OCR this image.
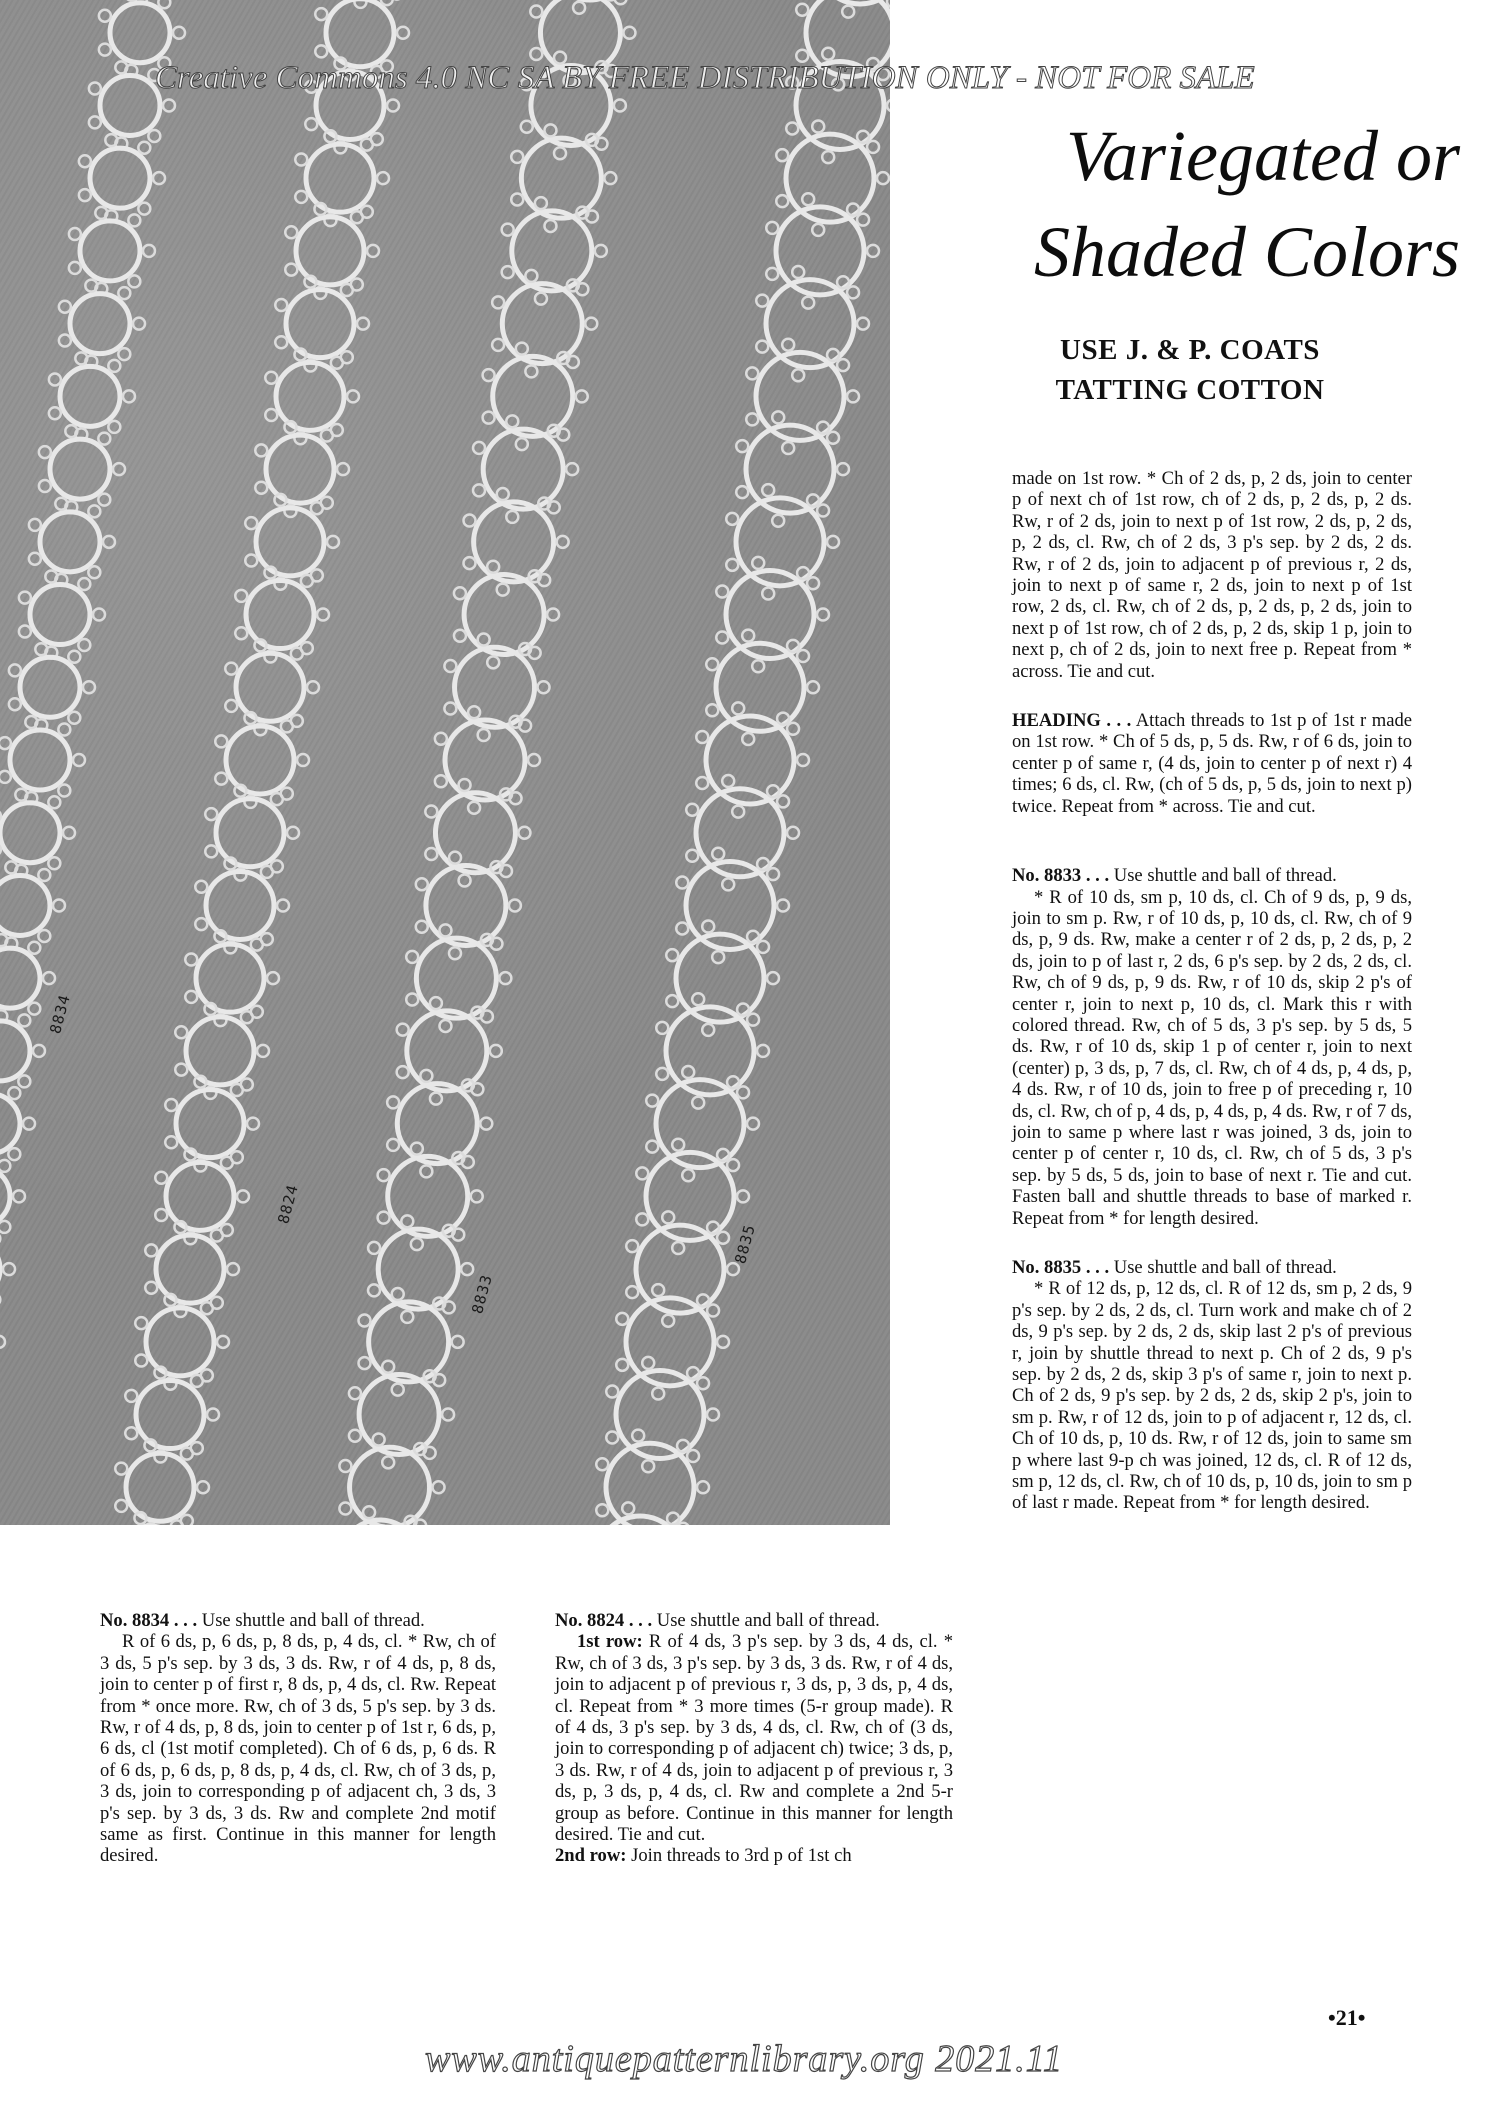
8834
8824
8833
8835
Creative Commons 4.0 NC SA BY FREE DISTRIBUTION ONLY - NOT FOR SALE
Variegated or
Shaded Colors
USE J. & P. COATS
TATTING COTTON

made on 1st row. * Ch of 2 ds, p, 2 ds, join to center p of next ch of 1st row, ch of 2 ds, p, 2 ds, p, 2 ds. Rw, r of 2 ds, join to next p of 1st row, 2 ds, p, 2 ds, p, 2 ds, cl. Rw, ch of 2 ds, 3 p's sep. by 2 ds, 2 ds. Rw, r of 2 ds, join to adjacent p of previous r, 2 ds, join to next p of same r, 2 ds, join to next p of 1st row, 2 ds, cl. Rw, ch of 2 ds, p, 2 ds, p, 2 ds, join to next p of 1st row, ch of 2 ds, p, 2 ds, skip 1 p, join to next p, ch of 2 ds, join to next free p. Repeat from * across. Tie and cut.

HEADING . . . Attach threads to 1st p of 1st r made on 1st row. * Ch of 5 ds, p, 5 ds. Rw, r of 6 ds, join to center p of same r, (4 ds, join to center p of next r) 4 times; 6 ds, cl. Rw, (ch of 5 ds, p, 5 ds, join to next p) twice. Repeat from * across. Tie and cut.

No. 8833 . . . Use shuttle and ball of thread.

* R of 10 ds, sm p, 10 ds, cl. Ch of 9 ds, p, 9 ds, join to sm p. Rw, r of 10 ds, p, 10 ds, cl. Rw, ch of 9 ds, p, 9 ds. Rw, make a center r of 2 ds, p, 2 ds, p, 2 ds, join to p of last r, 2 ds, 6 p's sep. by 2 ds, 2 ds, cl. Rw, ch of 9 ds, p, 9 ds. Rw, r of 10 ds, skip 2 p's of center r, join to next p, 10 ds, cl. Mark this r with colored thread. Rw, ch of 5 ds, 3 p's sep. by 5 ds, 5 ds. Rw, r of 10 ds, skip 1 p of center r, join to next (center) p, 3 ds, p, 7 ds, cl. Rw, ch of 4 ds, p, 4 ds, p, 4 ds. Rw, r of 10 ds, join to free p of preceding r, 10 ds, cl. Rw, ch of p, 4 ds, p, 4 ds, p, 4 ds. Rw, r of 7 ds, join to same p where last r was joined, 3 ds, join to center p of center r, 10 ds, cl. Rw, ch of 5 ds, 3 p's sep. by 5 ds, 5 ds, join to base of next r. Tie and cut. Fasten ball and shuttle threads to base of marked r. Repeat from * for length desired.

No. 8835 . . . Use shuttle and ball of thread.

* R of 12 ds, p, 12 ds, cl. R of 12 ds, sm p, 2 ds, 9 p's sep. by 2 ds, 2 ds, cl. Turn work and make ch of 2 ds, 9 p's sep. by 2 ds, 2 ds, skip last 2 p's of previous r, join by shuttle thread to next p. Ch of 2 ds, 9 p's sep. by 2 ds, 2 ds, skip 3 p's of same r, join to next p. Ch of 2 ds, 9 p's sep. by 2 ds, 2 ds, skip 2 p's, join to sm p. Rw, r of 12 ds, join to p of adjacent r, 12 ds, cl. Ch of 10 ds, p, 10 ds. Rw, r of 12 ds, join to same sm p where last 9-p ch was joined, 12 ds, cl. R of 12 ds, sm p, 12 ds, cl. Rw, ch of 10 ds, p, 10 ds, join to sm p of last r made. Repeat from * for length desired.

No. 8834 . . . Use shuttle and ball of thread.

R of 6 ds, p, 6 ds, p, 8 ds, p, 4 ds, cl. * Rw, ch of 3 ds, 5 p's sep. by 3 ds, 3 ds. Rw, r of 4 ds, p, 8 ds, join to center p of first r, 8 ds, p, 4 ds, cl. Rw. Repeat from * once more. Rw, ch of 3 ds, 5 p's sep. by 3 ds. Rw, r of 4 ds, p, 8 ds, join to center p of 1st r, 6 ds, p, 6 ds, cl (1st motif completed). Ch of 6 ds, p, 6 ds. R of 6 ds, p, 6 ds, p, 8 ds, p, 4 ds, cl. Rw, ch of 3 ds, p, 3 ds, join to corresponding p of adjacent ch, 3 ds, 3 p's sep. by 3 ds, 3 ds. Rw and complete 2nd motif same as first. Continue in this manner for length desired.

No. 8824 . . . Use shuttle and ball of thread.

1st row: R of 4 ds, 3 p's sep. by 3 ds, 4 ds, cl. * Rw, ch of 3 ds, 3 p's sep. by 3 ds, 3 ds. Rw, r of 4 ds, join to adjacent p of previous r, 3 ds, p, 3 ds, p, 4 ds, cl. Repeat from * 3 more times (5-r group made). R of 4 ds, 3 p's sep. by 3 ds, 4 ds, cl. Rw, ch of (3 ds, join to corresponding p of adjacent ch) twice; 3 ds, p, 3 ds. Rw, r of 4 ds, join to adjacent p of previous r, 3 ds, p, 3 ds, p, 4 ds, cl. Rw and complete a 2nd 5-r group as before. Continue in this manner for length desired. Tie and cut.

2nd row: Join threads to 3rd p of 1st ch

•21•
www.antiquepatternlibrary.org 2021.11
